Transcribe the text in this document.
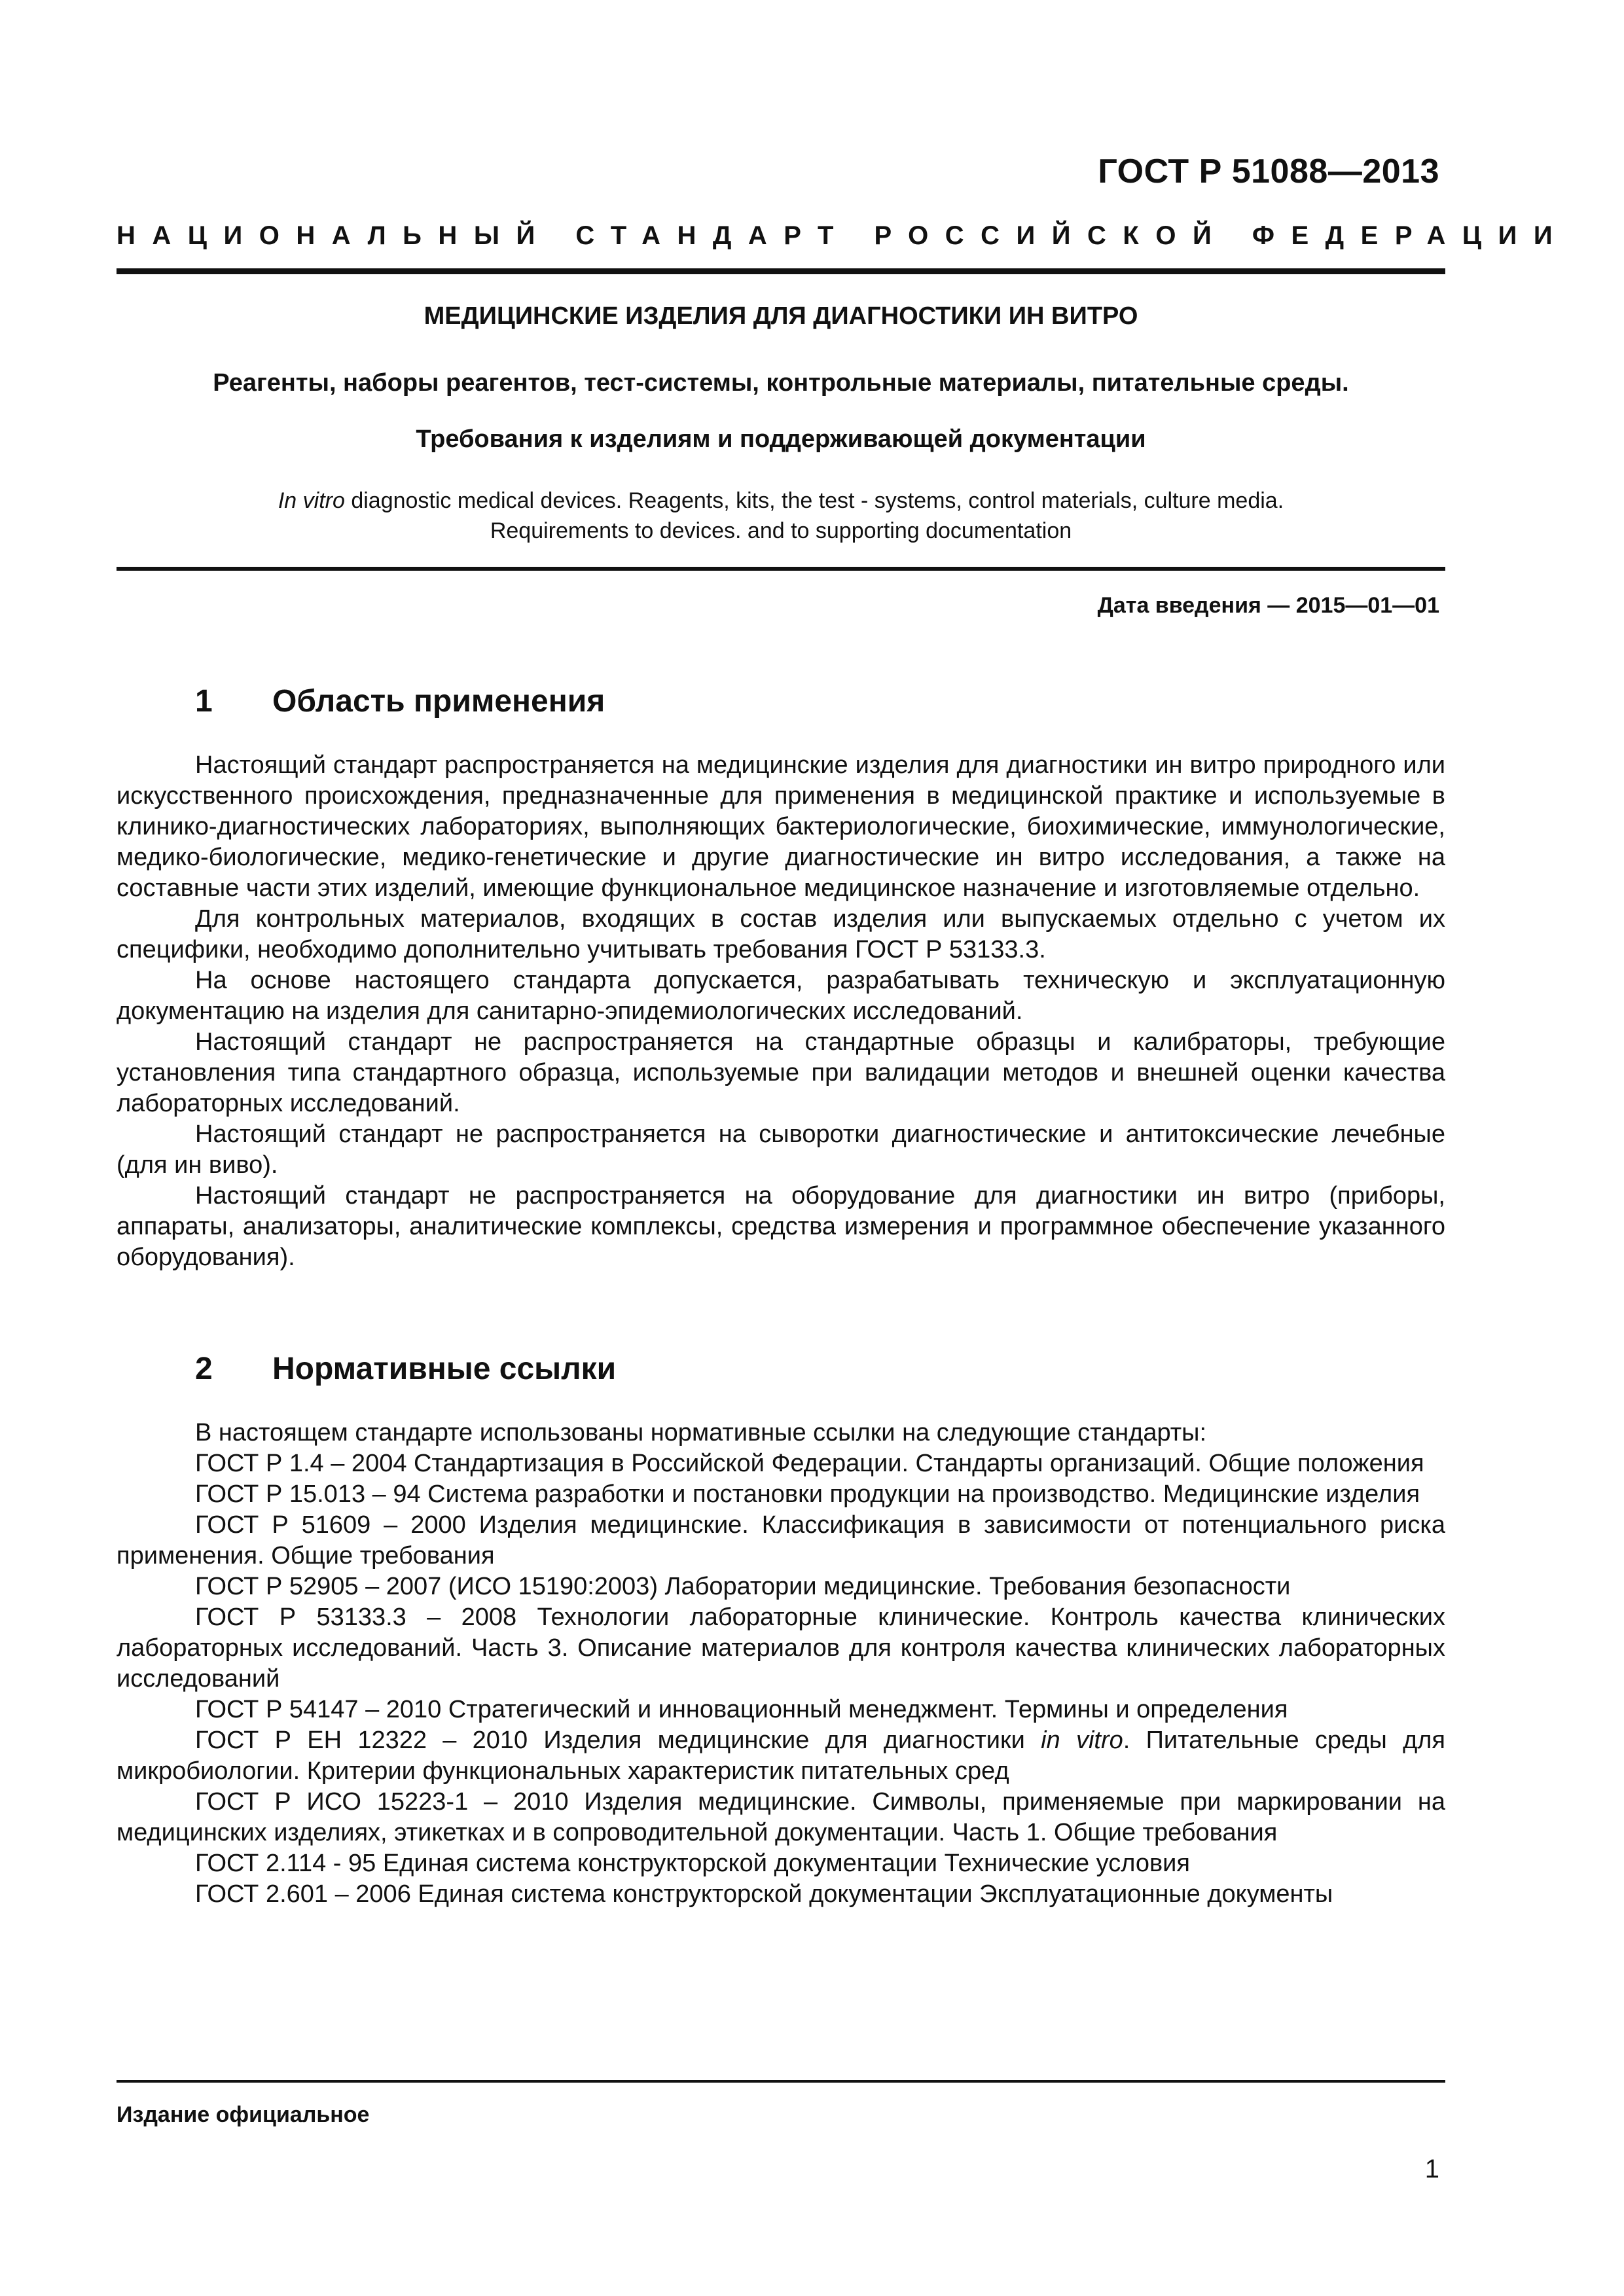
ГОСТ Р 51088—2013
НАЦИОНАЛЬНЫЙ СТАНДАРТ РОССИЙСКОЙ ФЕДЕРАЦИИ
МЕДИЦИНСКИЕ ИЗДЕЛИЯ ДЛЯ ДИАГНОСТИКИ ИН ВИТРО
Реагенты, наборы реагентов, тест-системы, контрольные материалы, питательные среды.
Требования к изделиям и поддерживающей документации
In vitro diagnostic medical devices. Reagents, kits, the test - systems, control materials, culture media.
Requirements to devices. and to supporting documentation
Дата введения — 2015—01—01
1 Область применения

Настоящий стандарт распространяется на медицинские изделия для диагностики ин витро природного или искусственного происхождения, предназначенные для применения в медицинской практике и используемые в клинико-диагностических лабораториях, выполняющих бактериологические, биохимические, иммунологические, медико-биологические, медико-генетические и другие диагностические ин витро исследования, а также на составные части этих изделий, имеющие функциональное медицинское назначение и изготовляемые отдельно.

Для контрольных материалов, входящих в состав изделия или выпускаемых отдельно с учетом их специфики, необходимо дополнительно учитывать требования ГОСТ Р 53133.3.

На основе настоящего стандарта допускается, разрабатывать техническую и эксплуатационную документацию на изделия для санитарно-эпидемиологических исследований.

Настоящий стандарт не распространяется на стандартные образцы и калибраторы, требующие установления типа стандартного образца, используемые при валидации методов и внешней оценки качества лабораторных исследований.

Настоящий стандарт не распространяется на сыворотки диагностические и антитоксические лечебные (для ин виво).

Настоящий стандарт не распространяется на оборудование для диагностики ин витро (приборы, аппараты, анализаторы, аналитические комплексы, средства измерения и программное обеспечение указанного оборудования).

2 Нормативные ссылки

В настоящем стандарте использованы нормативные ссылки на следующие стандарты:

ГОСТ Р 1.4 – 2004 Стандартизация в Российской Федерации. Стандарты организаций. Общие положения

ГОСТ Р 15.013 – 94 Система разработки и постановки продукции на производство. Медицинские изделия

ГОСТ Р 51609 – 2000 Изделия медицинские. Классификация в зависимости от потенциального риска применения. Общие требования

ГОСТ Р 52905 – 2007 (ИСО 15190:2003) Лаборатории медицинские. Требования безопасности

ГОСТ Р 53133.3 – 2008 Технологии лабораторные клинические. Контроль качества клинических лабораторных исследований. Часть 3. Описание материалов для контроля качества клинических лабораторных исследований

ГОСТ Р 54147 – 2010 Стратегический и инновационный менеджмент. Термины и определения

ГОСТ Р ЕН 12322 – 2010 Изделия медицинские для диагностики in vitro. Питательные среды для микробиологии. Критерии функциональных характеристик питательных сред

ГОСТ Р ИСО 15223-1 – 2010 Изделия медицинские. Символы, применяемые при маркировании на медицинских изделиях, этикетках и в сопроводительной документации. Часть 1. Общие требования

ГОСТ 2.114 - 95 Единая система конструкторской документации Технические условия

ГОСТ 2.601 – 2006 Единая система конструкторской документации Эксплуатационные документы

Издание официальное
1
